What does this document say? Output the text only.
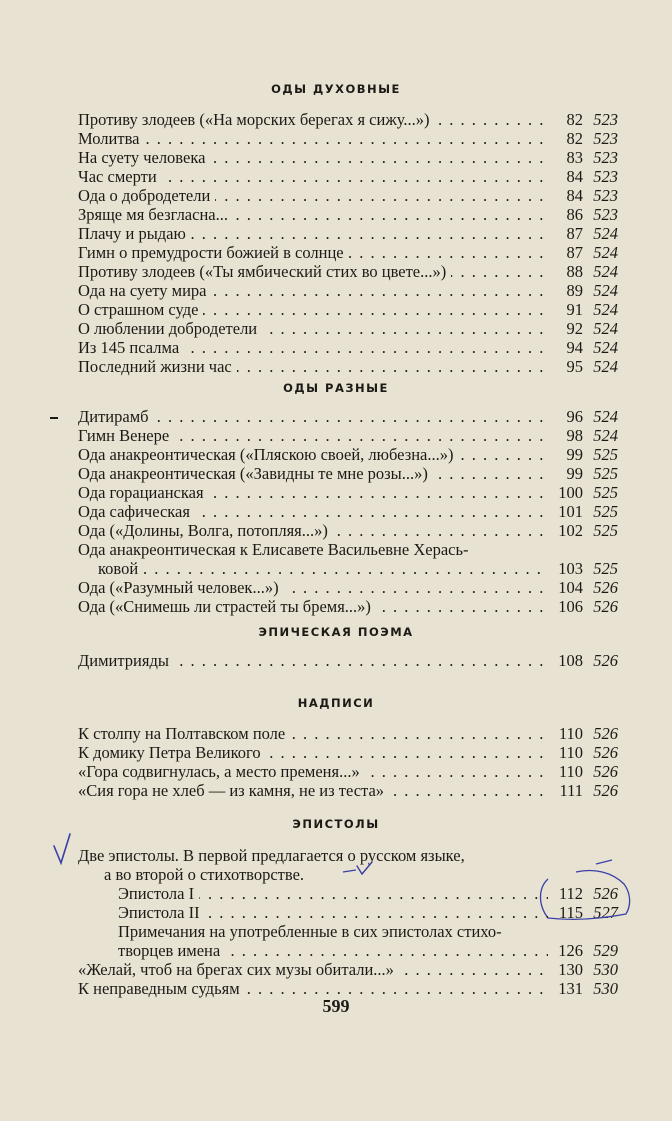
ОДЫ ДУХОВНЫЕ
Противу злодеев («На морских берегах я сижу...») . . .	82 523
Молитва . . .	82 523
На суету человека . . .	83 523
Час смерти . . .	84 523
Ода о добродетели . . .	84 523
Зряще мя безгласна... . . .	86 523
Плачу и рыдаю . . .	87 524
Гимн о премудрости божией в солнце . . .	87 524
Противу злодеев («Ты ямбический стих во цвете...») . . .	88 524
Ода на суету мира . . .	89 524
О страшном суде . . .	91 524
О люблении добродетели . . .	92 524
Из 145 псалма . . .	94 524
Последний жизни час . . .	95 524
ОДЫ РАЗНЫЕ
Дитирамб . . .	96 524
Гимн Венере . . .	98 524
Ода анакреонтическая («Пляскою своей, любезна...») . . .	99 525
Ода анакреонтическая («Завидны те мне розы...») . . .	99 525
Ода горацианская . . .	100 525
Ода сафическая . . .	101 525
Ода («Долины, Волга, потопляя...») . . .	102 525
Ода анакреонтическая к Елисавете Васильевне Херась-
ковой . . .	103 525
Ода («Разумный человек...») . . .	104 526
Ода («Снимешь ли страстей ты бремя...») . . .	106 526
ЭПИЧЕСКАЯ ПОЭМА
Димитрияды . . .	108 526
НАДПИСИ
К столпу на Полтавском поле . . .	110 526
К домику Петра Великого . . .	110 526
«Гора содвигнулась, а место пременя...» . . .	110 526
«Сия гора не хлеб — из камня, не из теста» . . .	111 526
ЭПИСТОЛЫ
Две эпистолы. В первой предлагается о русском языке,
а во второй о стихотворстве.
Эпистола I . . .	112 526
Эпистола II . . .	115 527
Примечания на употребленные в сих эпистолах стихо-
творцев имена . . .	126 529
«Желай, чтоб на брегах сих музы обитали...» . . .	130 530
К неправедным судьям . . .	131 530
599
